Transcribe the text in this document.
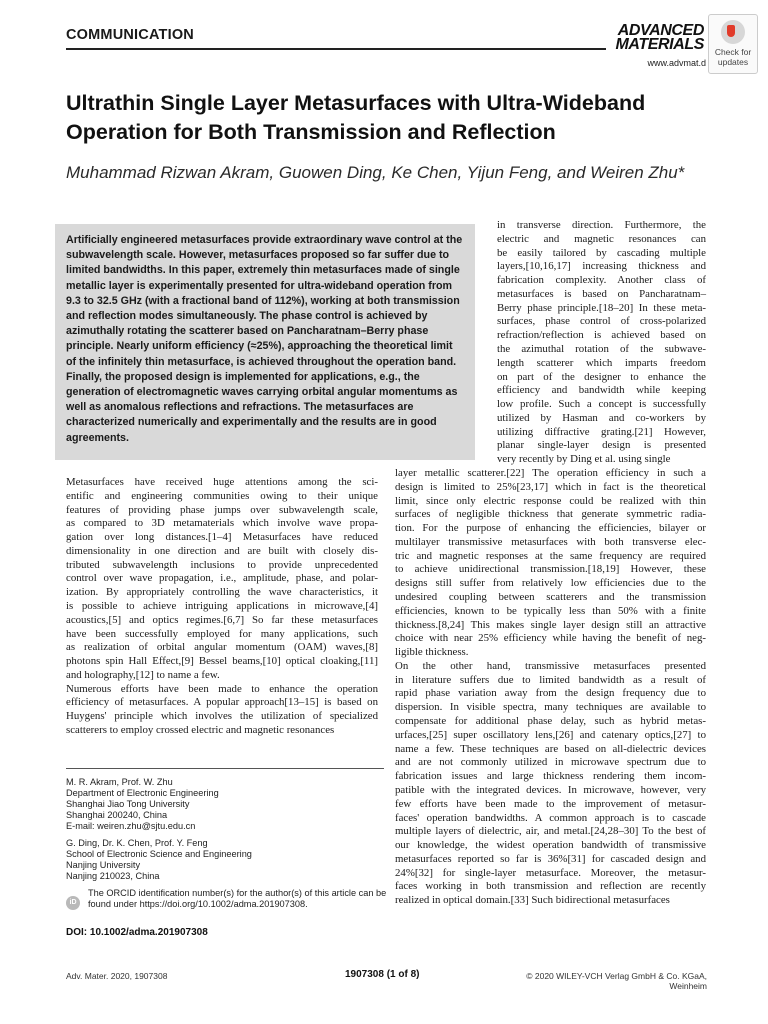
COMMUNICATION	ADVANCED
MATERIALS
www.advmat.d
Check for updates
Ultrathin Single Layer Metasurfaces with Ultra-Wideband Operation for Both Transmission and Reflection
Muhammad Rizwan Akram, Guowen Ding, Ke Chen, Yijun Feng, and Weiren Zhu*
Artificially engineered metasurfaces provide extraordinary wave control at the subwavelength scale. However, metasurfaces proposed so far suffer due to limited bandwidths. In this paper, extremely thin metasurfaces made of single metallic layer is experimentally presented for ultra-wideband operation from 9.3 to 32.5 GHz (with a fractional band of 112%), working at both transmission and reflection modes simultaneously. The phase control is achieved by azimuthally rotating the scatterer based on Pancharatnam–Berry phase principle. Nearly uniform efficiency (≈25%), approaching the theoretical limit of the infinitely thin metasurface, is achieved throughout the operation band. Finally, the proposed design is implemented for applications, e.g., the generation of electromagnetic waves carrying orbital angular momentums as well as anomalous reflections and refractions. The metasurfaces are characterized numerically and experimentally and the results are in good agreements.
Metasurfaces have received huge attentions among the sci-
entific and engineering communities owing to their unique
features of providing phase jumps over subwavelength scale,
as compared to 3D metamaterials which involve wave propa-
gation over long distances.[1–4] Metasurfaces have reduced
dimensionality in one direction and are built with closely dis-
tributed subwavelength inclusions to provide unprecedented
control over wave propagation, i.e., amplitude, phase, and polar-
ization. By appropriately controlling the wave characteristics, it
is possible to achieve intriguing applications in microwave,[4]
acoustics,[5] and optics regimes.[6,7] So far these metasurfaces
have been successfully employed for many applications, such
as realization of orbital angular momentum (OAM) waves,[8]
photons spin Hall Effect,[9] Bessel beams,[10] optical cloaking,[11]
and holography,[12] to name a few.
Numerous efforts have been made to enhance the operation
efficiency of metasurfaces. A popular approach[13–15] is based on
Huygens' principle which involves the utilization of specialized
scatterers to employ crossed electric and magnetic resonances
in transverse direction. Furthermore, the
electric and magnetic resonances can
be easily tailored by cascading multiple
layers,[10,16,17] increasing thickness and
fabrication complexity. Another class of
metasurfaces is based on Pancharatnam–
Berry phase principle.[18–20] In these meta-
surfaces, phase control of cross-polarized
refraction/reflection is achieved based on
the azimuthal rotation of the subwave-
length scatterer which imparts freedom
on part of the designer to enhance the
efficiency and bandwidth while keeping
low profile. Such a concept is successfully
utilized by Hasman and co-workers by
utilizing diffractive grating.[21] However,
planar single-layer design is presented
very recently by Ding et al. using single
layer metallic scatterer.[22] The operation efficiency in such a
design is limited to 25%[23,17] which in fact is the theoretical
limit, since only electric response could be realized with thin
surfaces of negligible thickness that generate symmetric radia-
tion. For the purpose of enhancing the efficiencies, bilayer or
multilayer transmissive metasurfaces with both transverse elec-
tric and magnetic responses at the same frequency are required
to achieve unidirectional transmission.[18,19] However, these
designs still suffer from relatively low efficiencies due to the
undesired coupling between scatterers and the transmission
efficiencies, known to be typically less than 50% with a finite
thickness.[8,24] This makes single layer design still an attractive
choice with near 25% efficiency while having the benefit of neg-
ligible thickness.
On the other hand, transmissive metasurfaces presented
in literature suffers due to limited bandwidth as a result of
rapid phase variation away from the design frequency due to
dispersion. In visible spectra, many techniques are available to
compensate for additional phase delay, such as hybrid metas-
urfaces,[25] super oscillatory lens,[26] and catenary optics,[27] to
name a few. These techniques are based on all-dielectric devices
and are not commonly utilized in microwave spectrum due to
fabrication issues and large thickness rendering them incom-
patible with the integrated devices. In microwave, however, very
few efforts have been made to the improvement of metasur-
faces' operation bandwidths. A common approach is to cascade
multiple layers of dielectric, air, and metal.[24,28–30] To the best of
our knowledge, the widest operation bandwidth of transmissive
metasurfaces reported so far is 36%[31] for cascaded design and
24%[32] for single-layer metasurface. Moreover, the metasur-
faces working in both transmission and reflection are recently
realized in optical domain.[33] Such bidirectional metasurfaces
M. R. Akram, Prof. W. Zhu
Department of Electronic Engineering
Shanghai Jiao Tong University
Shanghai 200240, China
E-mail: weiren.zhu@sjtu.edu.cn
G. Ding, Dr. K. Chen, Prof. Y. Feng
School of Electronic Science and Engineering
Nanjing University
Nanjing 210023, China
iD
The ORCID identification number(s) for the author(s) of this article can be found under https://doi.org/10.1002/adma.201907308.
DOI: 10.1002/adma.201907308
Adv. Mater. 2020, 1907308	1907308 (1 of 8)	© 2020 WILEY-VCH Verlag GmbH & Co. KGaA, Weinheim
